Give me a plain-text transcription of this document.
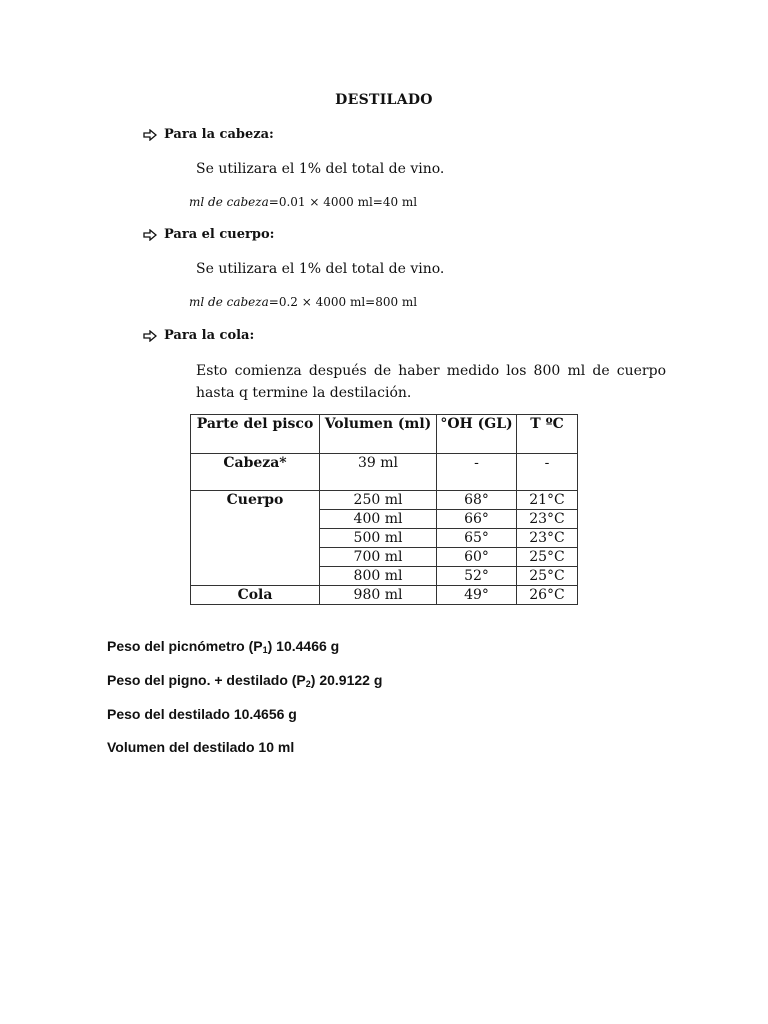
DESTILADO
Para la cabeza:
Se utilizara el 1% del total de vino.
ml de cabeza=0.01 × 4000 ml=40 ml
Para el cuerpo:
Se utilizara el 1% del total de vino.
ml de cabeza=0.2 × 4000 ml=800 ml
Para la cola:
Esto comienza después de haber medido los 800 ml de cuerpo hasta q termine la destilación.
Parte del pisco	Volumen (ml)	°OH (GL)	T ºC
Cabeza*	39 ml	-	-
Cuerpo	250 ml	68°	21°C
	400 ml	66°	23°C
	500 ml	65°	23°C
	700 ml	60°	25°C
	800 ml	52°	25°C
Cola	980 ml	49°	26°C
Peso del picnómetro $(P_1)$ 10.4466 g
Peso del pigno. + destilado $(P_2)$ 20.9122 g
Peso del destilado 10.4656 g
Volumen del destilado 10 ml
